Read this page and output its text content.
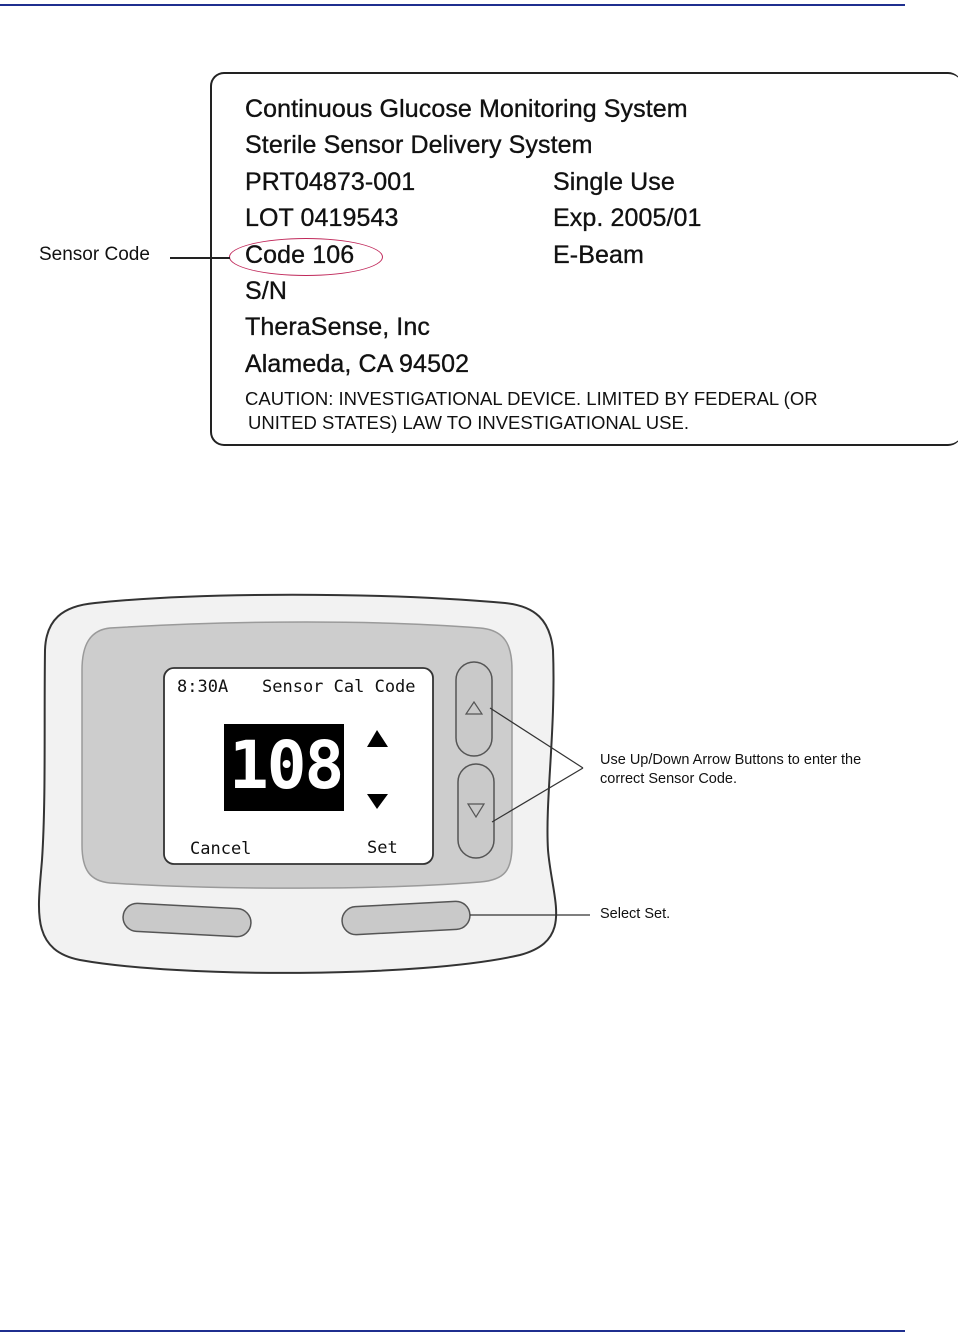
Continuous Glucose Monitoring System
Sterile Sensor Delivery System
PRT04873-001	Single Use
LOT 0419543	Exp. 2005/01
Code 106	E-Beam
S/N
TheraSense, Inc
Alameda, CA 94502
CAUTION: INVESTIGATIONAL DEVICE. LIMITED BY FEDERAL (OR
UNITED STATES) LAW TO INVESTIGATIONAL USE.
Sensor Code
8:30A Sensor Cal Code
108
Cancel	Set
Use Up/Down Arrow Buttons to enter the
correct Sensor Code.
Select Set.
